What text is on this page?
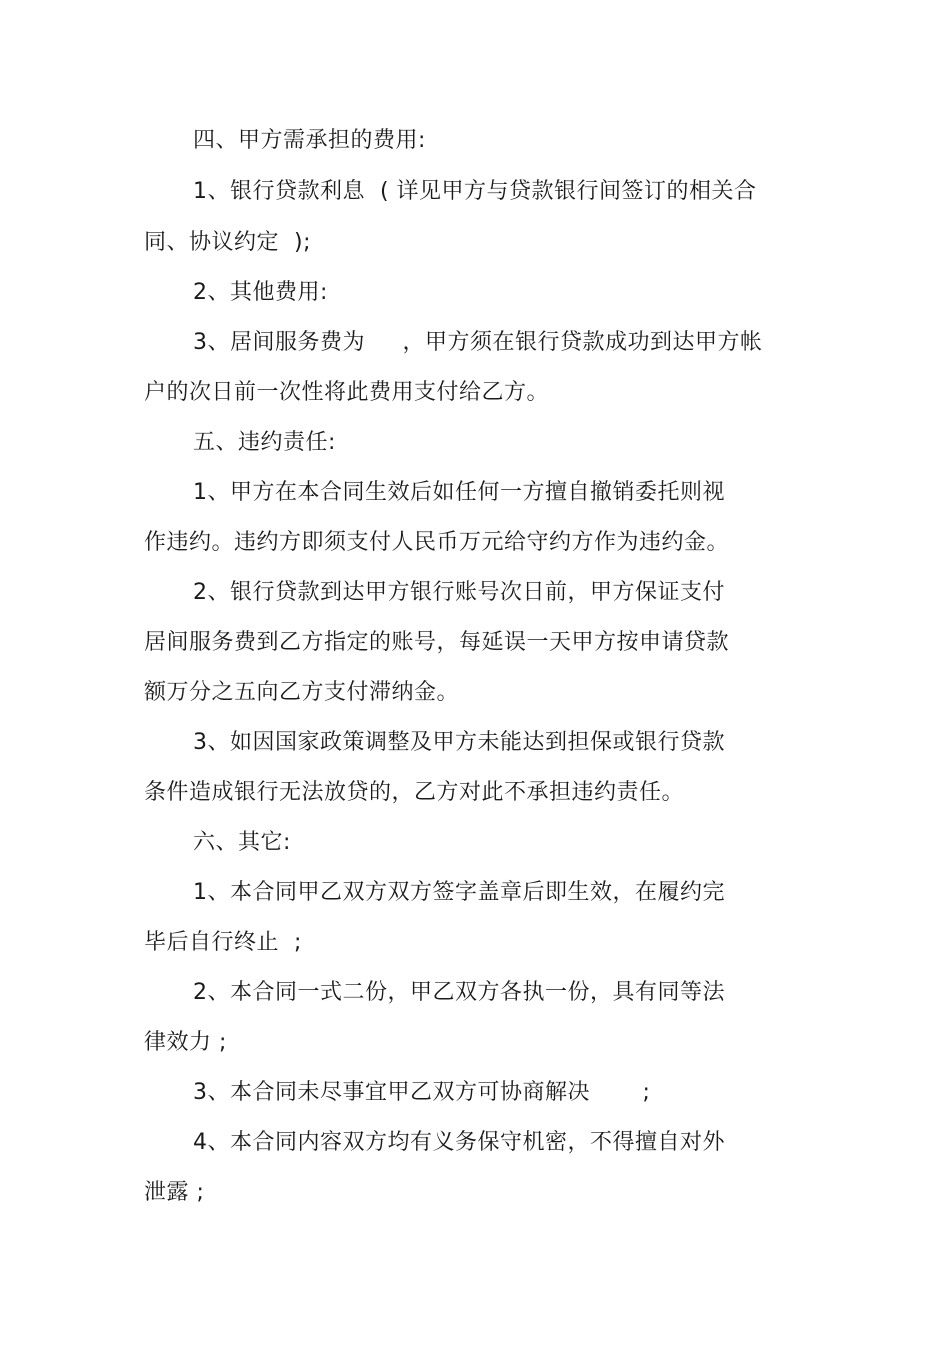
四、甲方需承担的费用:
1、银行贷款利息  ( 详见甲方与贷款银行间签订的相关合
同、协议约定  );
2、其他费用:
3、居间服务费为     ，甲方须在银行贷款成功到达甲方帐
户的次日前一次性将此费用支付给乙方。
五、违约责任:
1、甲方在本合同生效后如任何一方擅自撤销委托则视
作违约。违约方即须支付人民币万元给守约方作为违约金。
2、银行贷款到达甲方银行账号次日前，甲方保证支付
居间服务费到乙方指定的账号，每延误一天甲方按申请贷款
额万分之五向乙方支付滞纳金。
3、如因国家政策调整及甲方未能达到担保或银行贷款
条件造成银行无法放贷的，乙方对此不承担违约责任。
六、其它:
1、本合同甲乙双方双方签字盖章后即生效，在履约完
毕后自行终止  ;
2、本合同一式二份，甲乙双方各执一份，具有同等法
律效力 ;
3、本合同未尽事宜甲乙双方可协商解决       ;
4、本合同内容双方均有义务保守机密，不得擅自对外
泄露 ;
